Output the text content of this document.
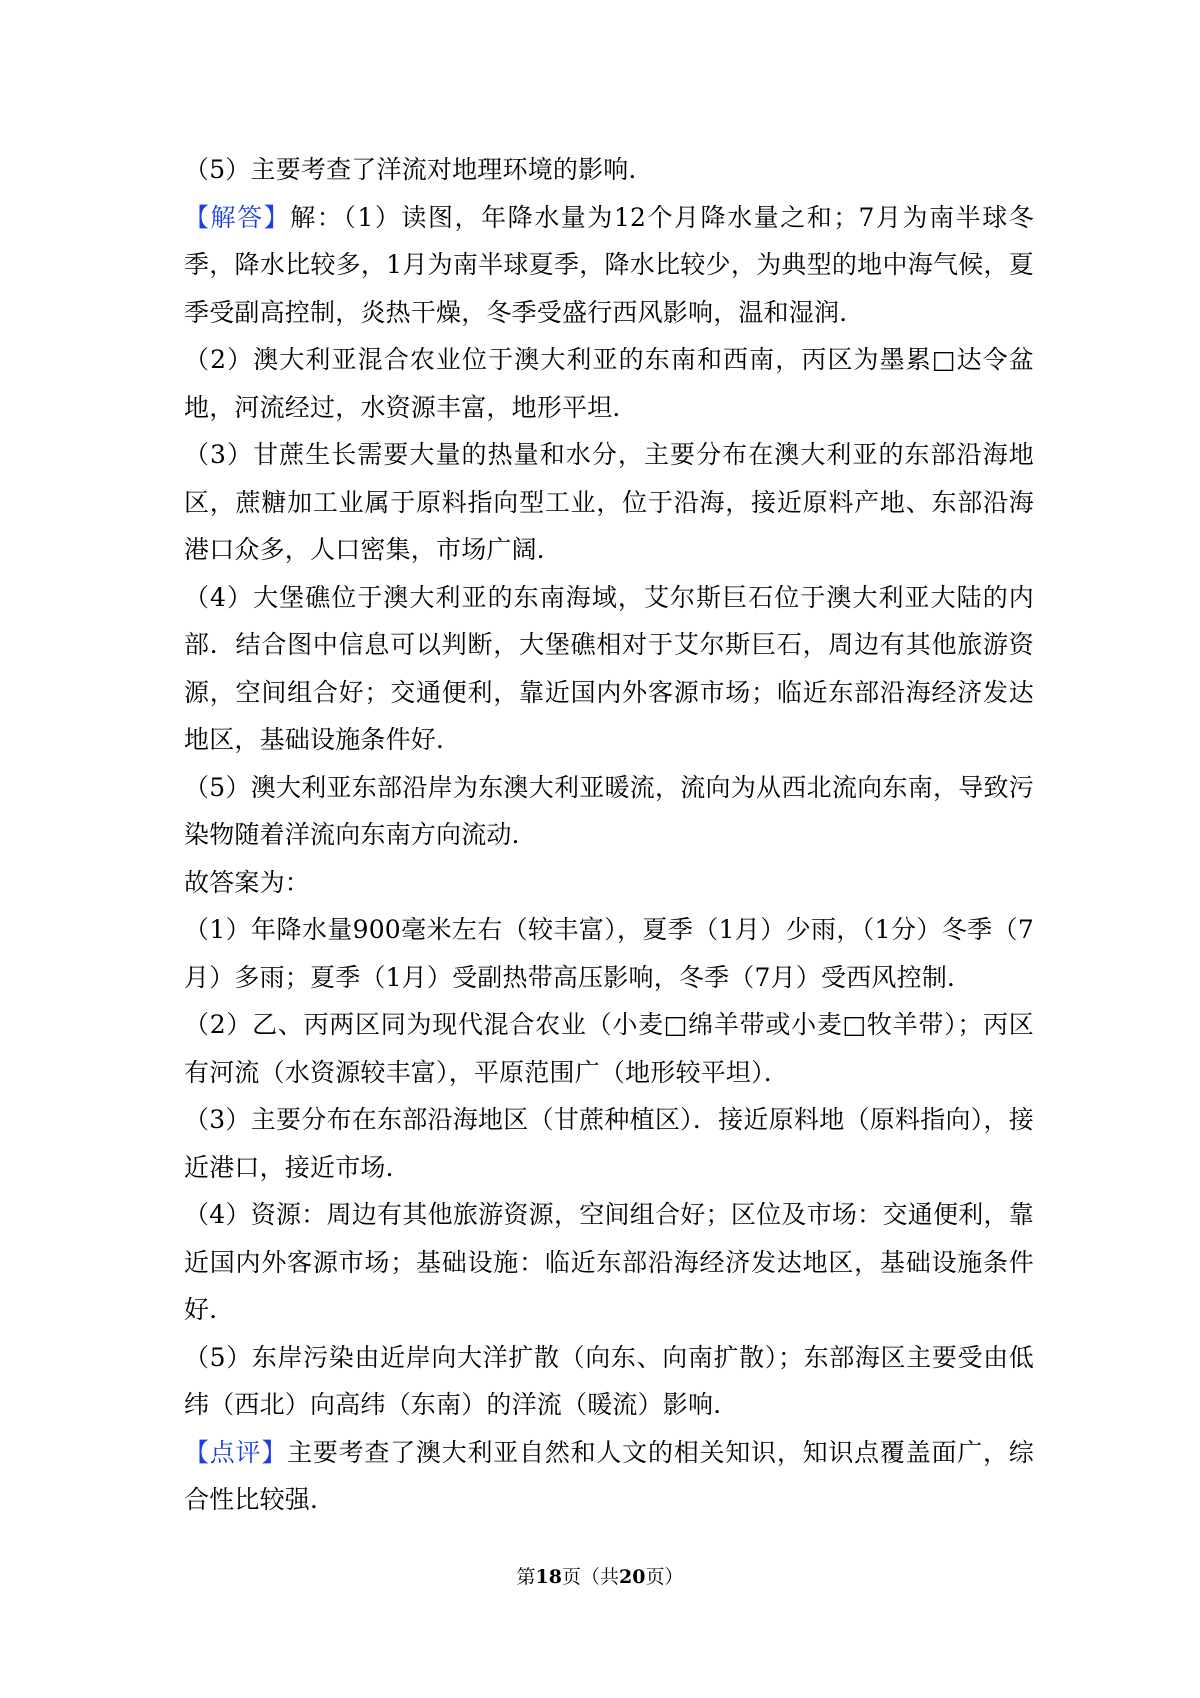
（5）主要考查了洋流对地理环境的影响．

【解答】解：（1）读图，年降水量为12个月降水量之和；7月为南半球冬季，降水比较多，1月为南半球夏季，降水比较少，为典型的地中海气候，夏季受副高控制，炎热干燥，冬季受盛行西风影响，温和湿润．

（2）澳大利亚混合农业位于澳大利亚的东南和西南，丙区为墨累□达令盆地，河流经过，水资源丰富，地形平坦．

（3）甘蔗生长需要大量的热量和水分，主要分布在澳大利亚的东部沿海地区，蔗糖加工业属于原料指向型工业，位于沿海，接近原料产地、东部沿海港口众多，人口密集，市场广阔．

（4）大堡礁位于澳大利亚的东南海域，艾尔斯巨石位于澳大利亚大陆的内部．结合图中信息可以判断，大堡礁相对于艾尔斯巨石，周边有其他旅游资源，空间组合好；交通便利，靠近国内外客源市场；临近东部沿海经济发达地区，基础设施条件好．

（5）澳大利亚东部沿岸为东澳大利亚暖流，流向为从西北流向东南，导致污染物随着洋流向东南方向流动．

故答案为：

（1）年降水量900毫米左右（较丰富），夏季（1月）少雨，（1分）冬季（7月）多雨；夏季（1月）受副热带高压影响，冬季（7月）受西风控制．

（2）乙、丙两区同为现代混合农业（小麦□绵羊带或小麦□牧羊带）；丙区有河流（水资源较丰富），平原范围广（地形较平坦）．

（3）主要分布在东部沿海地区（甘蔗种植区）．接近原料地（原料指向），接近港口，接近市场．

（4）资源：周边有其他旅游资源，空间组合好；区位及市场：交通便利，靠近国内外客源市场；基础设施：临近东部沿海经济发达地区，基础设施条件好．

（5）东岸污染由近岸向大洋扩散（向东、向南扩散）；东部海区主要受由低纬（西北）向高纬（东南）的洋流（暖流）影响．

【点评】主要考查了澳大利亚自然和人文的相关知识，知识点覆盖面广，综合性比较强．

第18页（共20页）
